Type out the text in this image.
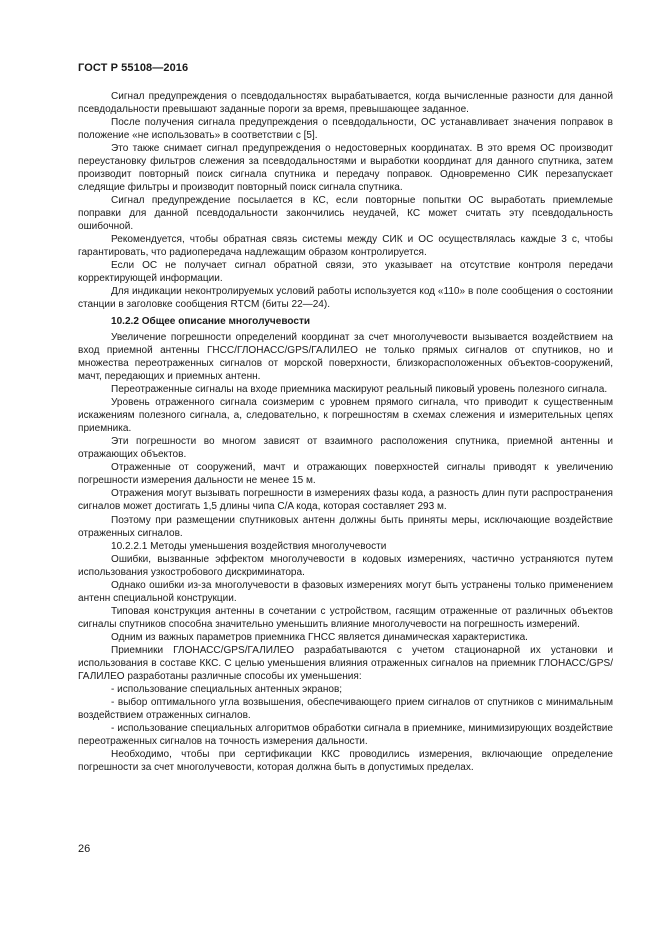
ГОСТ Р 55108—2016

Сигнал предупреждения о псевдодальностях вырабатывается, когда вычисленные разности для данной псевдодальности превышают заданные пороги за время, превышающее заданное.

После получения сигнала предупреждения о псевдодальности, ОС устанавливает значения поправок в положение «не использовать» в соответствии с [5].

Это также снимает сигнал предупреждения о недостоверных координатах. В это время ОС производит переустановку фильтров слежения за псевдодальностями и выработки координат для данного спутника, затем производит повторный поиск сигнала спутника и передачу поправок. Одновременно СИК перезапускает следящие фильтры и производит повторный поиск сигнала спутника.

Сигнал предупреждение посылается в КС, если повторные попытки ОС выработать приемлемые поправки для данной псевдодальности закончились неудачей, КС может считать эту псевдодальность ошибочной.

Рекомендуется, чтобы обратная связь системы между СИК и ОС осуществлялась каждые 3 с, чтобы гарантировать, что радиопередача надлежащим образом контролируется.

Если ОС не получает сигнал обратной связи, это указывает на отсутствие контроля передачи корректирующей информации.

Для индикации неконтролируемых условий работы используется код «110» в поле сообщения о состоянии станции в заголовке сообщения RTCM (биты 22—24).

10.2.2 Общее описание многолучевости

Увеличение погрешности определений координат за счет многолучевости вызывается воздействием на вход приемной антенны ГНСС/ГЛОНАСС/GPS/ГАЛИЛЕО не только прямых сигналов от спутников, но и множества переотраженных сигналов от морской поверхности, близкорасположенных объектов-сооружений, мачт, передающих и приемных антенн.

Переотраженные сигналы на входе приемника маскируют реальный пиковый уровень полезного сигнала.

Уровень отраженного сигнала соизмерим с уровнем прямого сигнала, что приводит к существенным искажениям полезного сигнала, а, следовательно, к погрешностям в схемах слежения и измерительных цепях приемника.

Эти погрешности во многом зависят от взаимного расположения спутника, приемной антенны и отражающих объектов.

Отраженные от сооружений, мачт и отражающих поверхностей сигналы приводят к увеличению погрешности измерения дальности не менее 15 м.

Отражения могут вызывать погрешности в измерениях фазы кода, а разность длин пути распространения сигналов может достигать 1,5 длины чипа C/A кода, которая составляет 293 м.

Поэтому при размещении спутниковых антенн должны быть приняты меры, исключающие воздействие отраженных сигналов.

10.2.2.1 Методы уменьшения воздействия многолучевости

Ошибки, вызванные эффектом многолучевости в кодовых измерениях, частично устраняются путем использования узкостробового дискриминатора.

Однако ошибки из-за многолучевости в фазовых измерениях могут быть устранены только применением антенн специальной конструкции.

Типовая конструкция антенны в сочетании с устройством, гасящим отраженные от различных объектов сигналы спутников способна значительно уменьшить влияние многолучевости на погрешность измерений.

Одним из важных параметров приемника ГНСС является динамическая характеристика.

Приемники ГЛОНАСС/GPS/ГАЛИЛЕО разрабатываются с учетом стационарной их установки и использования в составе ККС. С целью уменьшения влияния отраженных сигналов на приемник ГЛОНАСС/GPS/ГАЛИЛЕО разработаны различные способы их уменьшения:

- использование специальных антенных экранов;

- выбор оптимального угла возвышения, обеспечивающего прием сигналов от спутников с минимальным воздействием отраженных сигналов.

- использование специальных алгоритмов обработки сигнала в приемнике, минимизирующих воздействие переотраженных сигналов на точность измерения дальности.

Необходимо, чтобы при сертификации ККС проводились измерения, включающие определение погрешности за счет многолучевости, которая должна быть в допустимых пределах.

26
